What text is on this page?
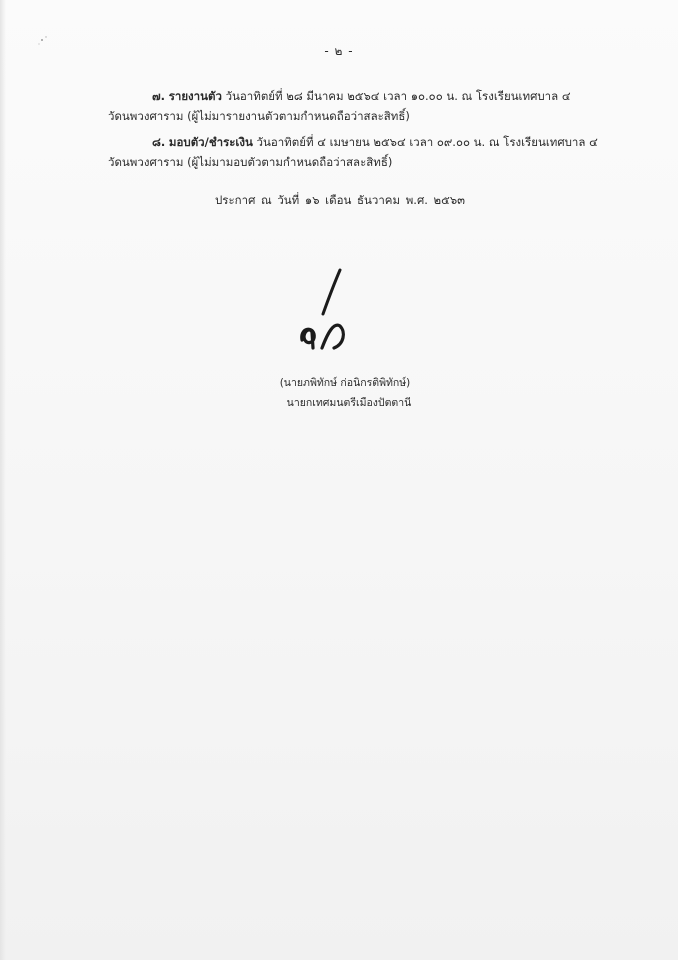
- ๒ -
๗. รายงานตัว วันอาทิตย์ที่ ๒๘ มีนาคม ๒๕๖๔ เวลา ๑๐.๐๐ น. ณ โรงเรียนเทศบาล ๔
วัดนพวงศาราม (ผู้ไม่มารายงานตัวตามกำหนดถือว่าสละสิทธิ์)
๘. มอบตัว/ชำระเงิน วันอาทิตย์ที่ ๔ เมษายน ๒๕๖๔ เวลา ๐๙.๐๐ น. ณ โรงเรียนเทศบาล ๔
วัดนพวงศาราม (ผู้ไม่มามอบตัวตามกำหนดถือว่าสละสิทธิ์)
ประกาศ ณ วันที่ ๑๖ เดือน ธันวาคม พ.ศ. ๒๕๖๓
(นายภพิทักษ์ ก่อนิกรติพิทักษ์)
นายกเทศมนตรีเมืองปัตตานี
